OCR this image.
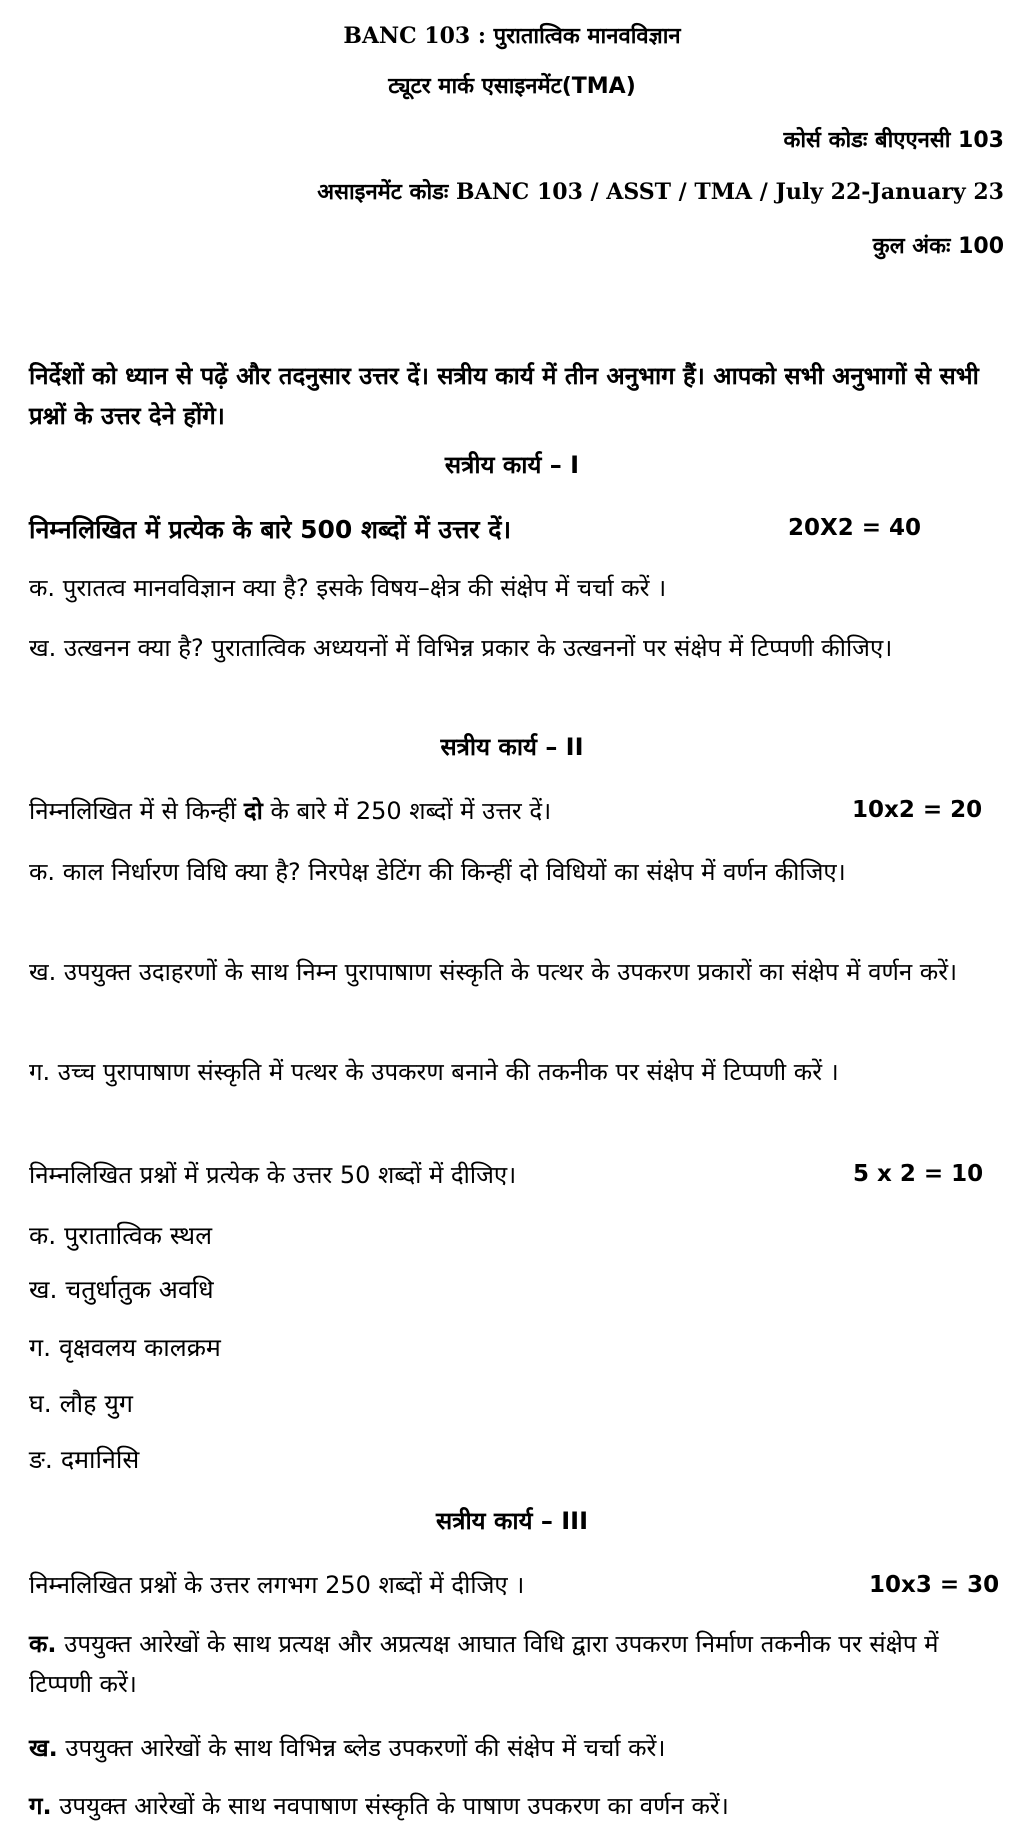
BANC 103 : पुरातात्विक मानवविज्ञान
ट्यूटर मार्क एसाइनमेंट(TMA)
कोर्स कोडः बीएएनसी 103
असाइनमेंट कोडः BANC 103 / ASST / TMA / July 22-January 23
कुल अंकः 100
निर्देशों को ध्यान से पढ़ें और तदनुसार उत्तर दें। सत्रीय कार्य में तीन अनुभाग हैं। आपको सभी अनुभागों से सभी प्रश्नों के उत्तर देने होंगे।
सत्रीय कार्य – I
निम्नलिखित में प्रत्येक के बारे 500 शब्दों में उत्तर दें।	20X2 = 40
क. पुरातत्व मानवविज्ञान क्या है? इसके विषय–क्षेत्र की संक्षेप में चर्चा करें ।
ख. उत्खनन क्या है? पुरातात्विक अध्ययनों में विभिन्न प्रकार के उत्खननों पर संक्षेप में टिप्पणी कीजिए।
सत्रीय कार्य – II
निम्नलिखित में से किन्हीं दो के बारे में 250 शब्दों में उत्तर दें।	10x2 = 20
क. काल निर्धारण विधि क्या है? निरपेक्ष डेटिंग की किन्हीं दो विधियों का संक्षेप में वर्णन कीजिए।
ख. उपयुक्त उदाहरणों के साथ निम्न पुरापाषाण संस्कृति के पत्थर के उपकरण प्रकारों का संक्षेप में वर्णन करें।
ग. उच्च पुरापाषाण संस्कृति में पत्थर के उपकरण बनाने की तकनीक पर संक्षेप में टिप्पणी करें ।
निम्नलिखित प्रश्नों में प्रत्येक के उत्तर 50 शब्दों में दीजिए।	5 x 2 = 10
क. पुरातात्विक स्थल
ख. चतुर्धातुक अवधि
ग. वृक्षवलय कालक्रम
घ. लौह युग
ङ. दमानिसि
सत्रीय कार्य – III
निम्नलिखित प्रश्नों के उत्तर लगभग 250 शब्दों में दीजिए ।	10x3 = 30
क. उपयुक्त आरेखों के साथ प्रत्यक्ष और अप्रत्यक्ष आघात विधि द्वारा उपकरण निर्माण तकनीक पर संक्षेप में टिप्पणी करें।
ख. उपयुक्त आरेखों के साथ विभिन्न ब्लेड उपकरणों की संक्षेप में चर्चा करें।
ग. उपयुक्त आरेखों के साथ नवपाषाण संस्कृति के पाषाण उपकरण का वर्णन करें।
